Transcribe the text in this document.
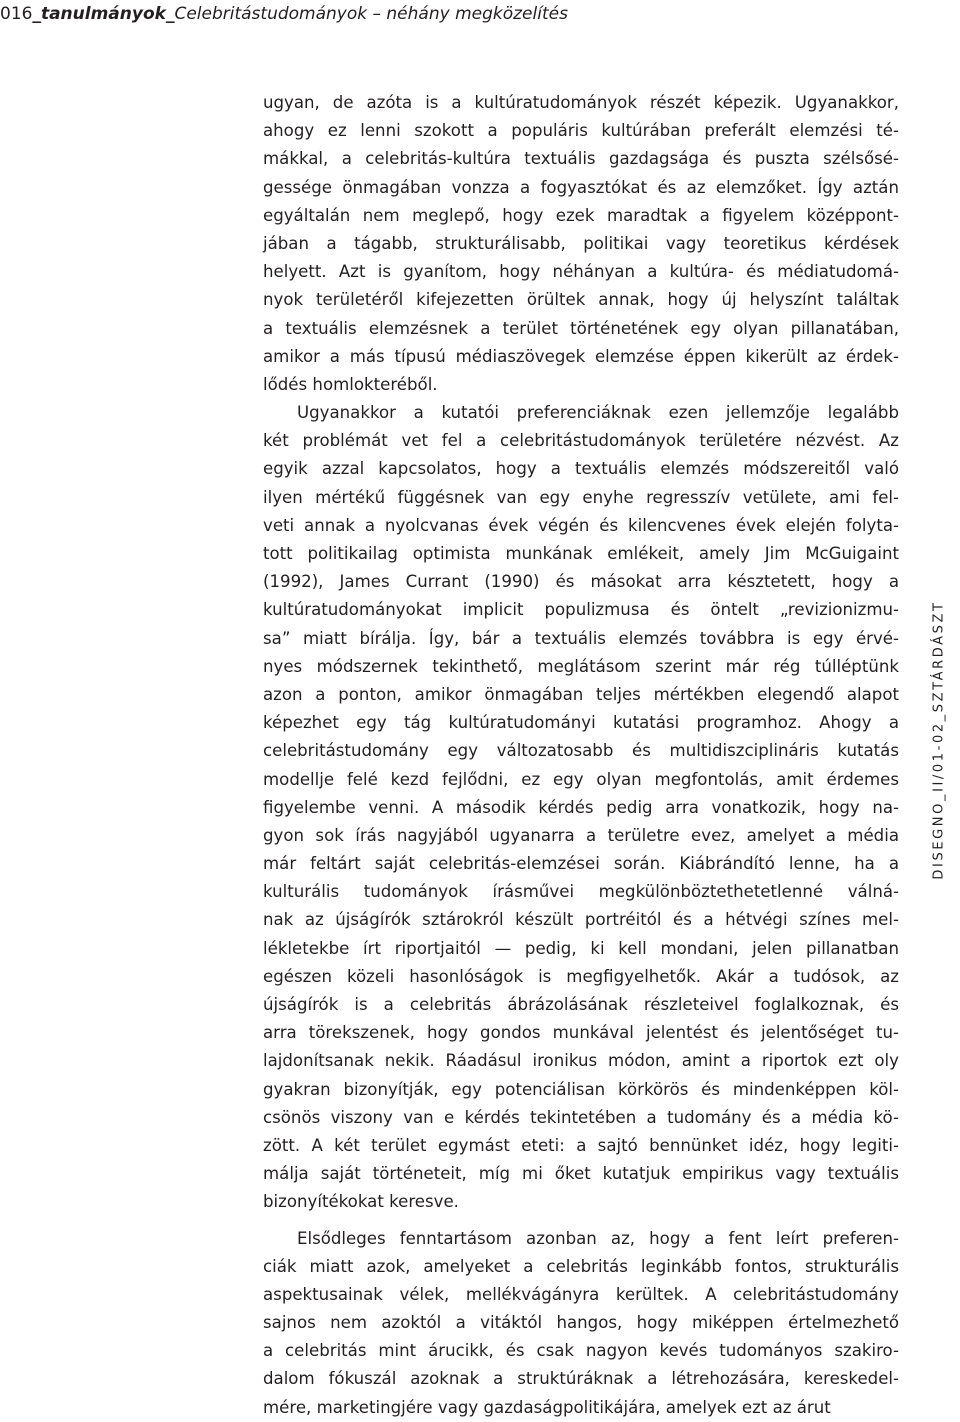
016_tanulmányok_Celebritástudományok – néhány megközelítés
ugyan, de azóta is a kultúratudományok részét képezik. Ugyanakkor,
ahogy ez lenni szokott a populáris kultúrában preferált elemzési té-
mákkal, a celebritás-kultúra textuális gazdagsága és puszta szélsősé-
gessége önmagában vonzza a fogyasztókat és az elemzőket. Így aztán
egyáltalán nem meglepő, hogy ezek maradtak a figyelem középpont-
jában a tágabb, strukturálisabb, politikai vagy teoretikus kérdések
helyett. Azt is gyanítom, hogy néhányan a kultúra- és médiatudomá-
nyok területéről kifejezetten örültek annak, hogy új helyszínt találtak
a textuális elemzésnek a terület történetének egy olyan pillanatában,
amikor a más típusú médiaszövegek elemzése éppen kikerült az érdek-
lődés homlokteréből.
Ugyanakkor a kutatói preferenciáknak ezen jellemzője legalább
két problémát vet fel a celebritástudományok területére nézvést. Az
egyik azzal kapcsolatos, hogy a textuális elemzés módszereitől való
ilyen mértékű függésnek van egy enyhe regresszív vetülete, ami fel-
veti annak a nyolcvanas évek végén és kilencvenes évek elején folyta-
tott politikailag optimista munkának emlékeit, amely Jim McGuigaint
(1992), James Currant (1990) és másokat arra késztetett, hogy a
kultúratudományokat implicit populizmusa és öntelt „revizionizmu-
sa” miatt bírálja. Így, bár a textuális elemzés továbbra is egy érvé-
nyes módszernek tekinthető, meglátásom szerint már rég túlléptünk
azon a ponton, amikor önmagában teljes mértékben elegendő alapot
képezhet egy tág kultúratudományi kutatási programhoz. Ahogy a
celebritástudomány egy változatosabb és multidiszciplináris kutatás
modellje felé kezd fejlődni, ez egy olyan megfontolás, amit érdemes
figyelembe venni. A második kérdés pedig arra vonatkozik, hogy na-
gyon sok írás nagyjából ugyanarra a területre evez, amelyet a média
már feltárt saját celebritás-elemzései során. Kiábrándító lenne, ha a
kulturális tudományok írásművei megkülönböztethetetlenné válná-
nak az újságírók sztárokról készült portréitól és a hétvégi színes mel-
lékletekbe írt riportjaitól — pedig, ki kell mondani, jelen pillanatban
egészen közeli hasonlóságok is megfigyelhetők. Akár a tudósok, az
újságírók is a celebritás ábrázolásának részleteivel foglalkoznak, és
arra törekszenek, hogy gondos munkával jelentést és jelentőséget tu-
lajdonítsanak nekik. Ráadásul ironikus módon, amint a riportok ezt oly
gyakran bizonyítják, egy potenciálisan körkörös és mindenképpen köl-
csönös viszony van e kérdés tekintetében a tudomány és a média kö-
zött. A két terület egymást eteti: a sajtó bennünket idéz, hogy legiti-
málja saját történeteit, míg mi őket kutatjuk empirikus vagy textuális
bizonyítékokat keresve.
Elsődleges fenntartásom azonban az, hogy a fent leírt preferen-
ciák miatt azok, amelyeket a celebritás leginkább fontos, strukturális
aspektusainak vélek, mellékvágányra kerültek. A celebritástudomány
sajnos nem azoktól a vitáktól hangos, hogy miképpen értelmezhető
a celebritás mint árucikk, és csak nagyon kevés tudományos szakiro-
dalom fókuszál azoknak a struktúráknak a létrehozására, kereskedel-
mére, marketingjére vagy gazdaságpolitikájára, amelyek ezt az árut
DISEGNO_II/01-02_SZTÁRDÁSZT
